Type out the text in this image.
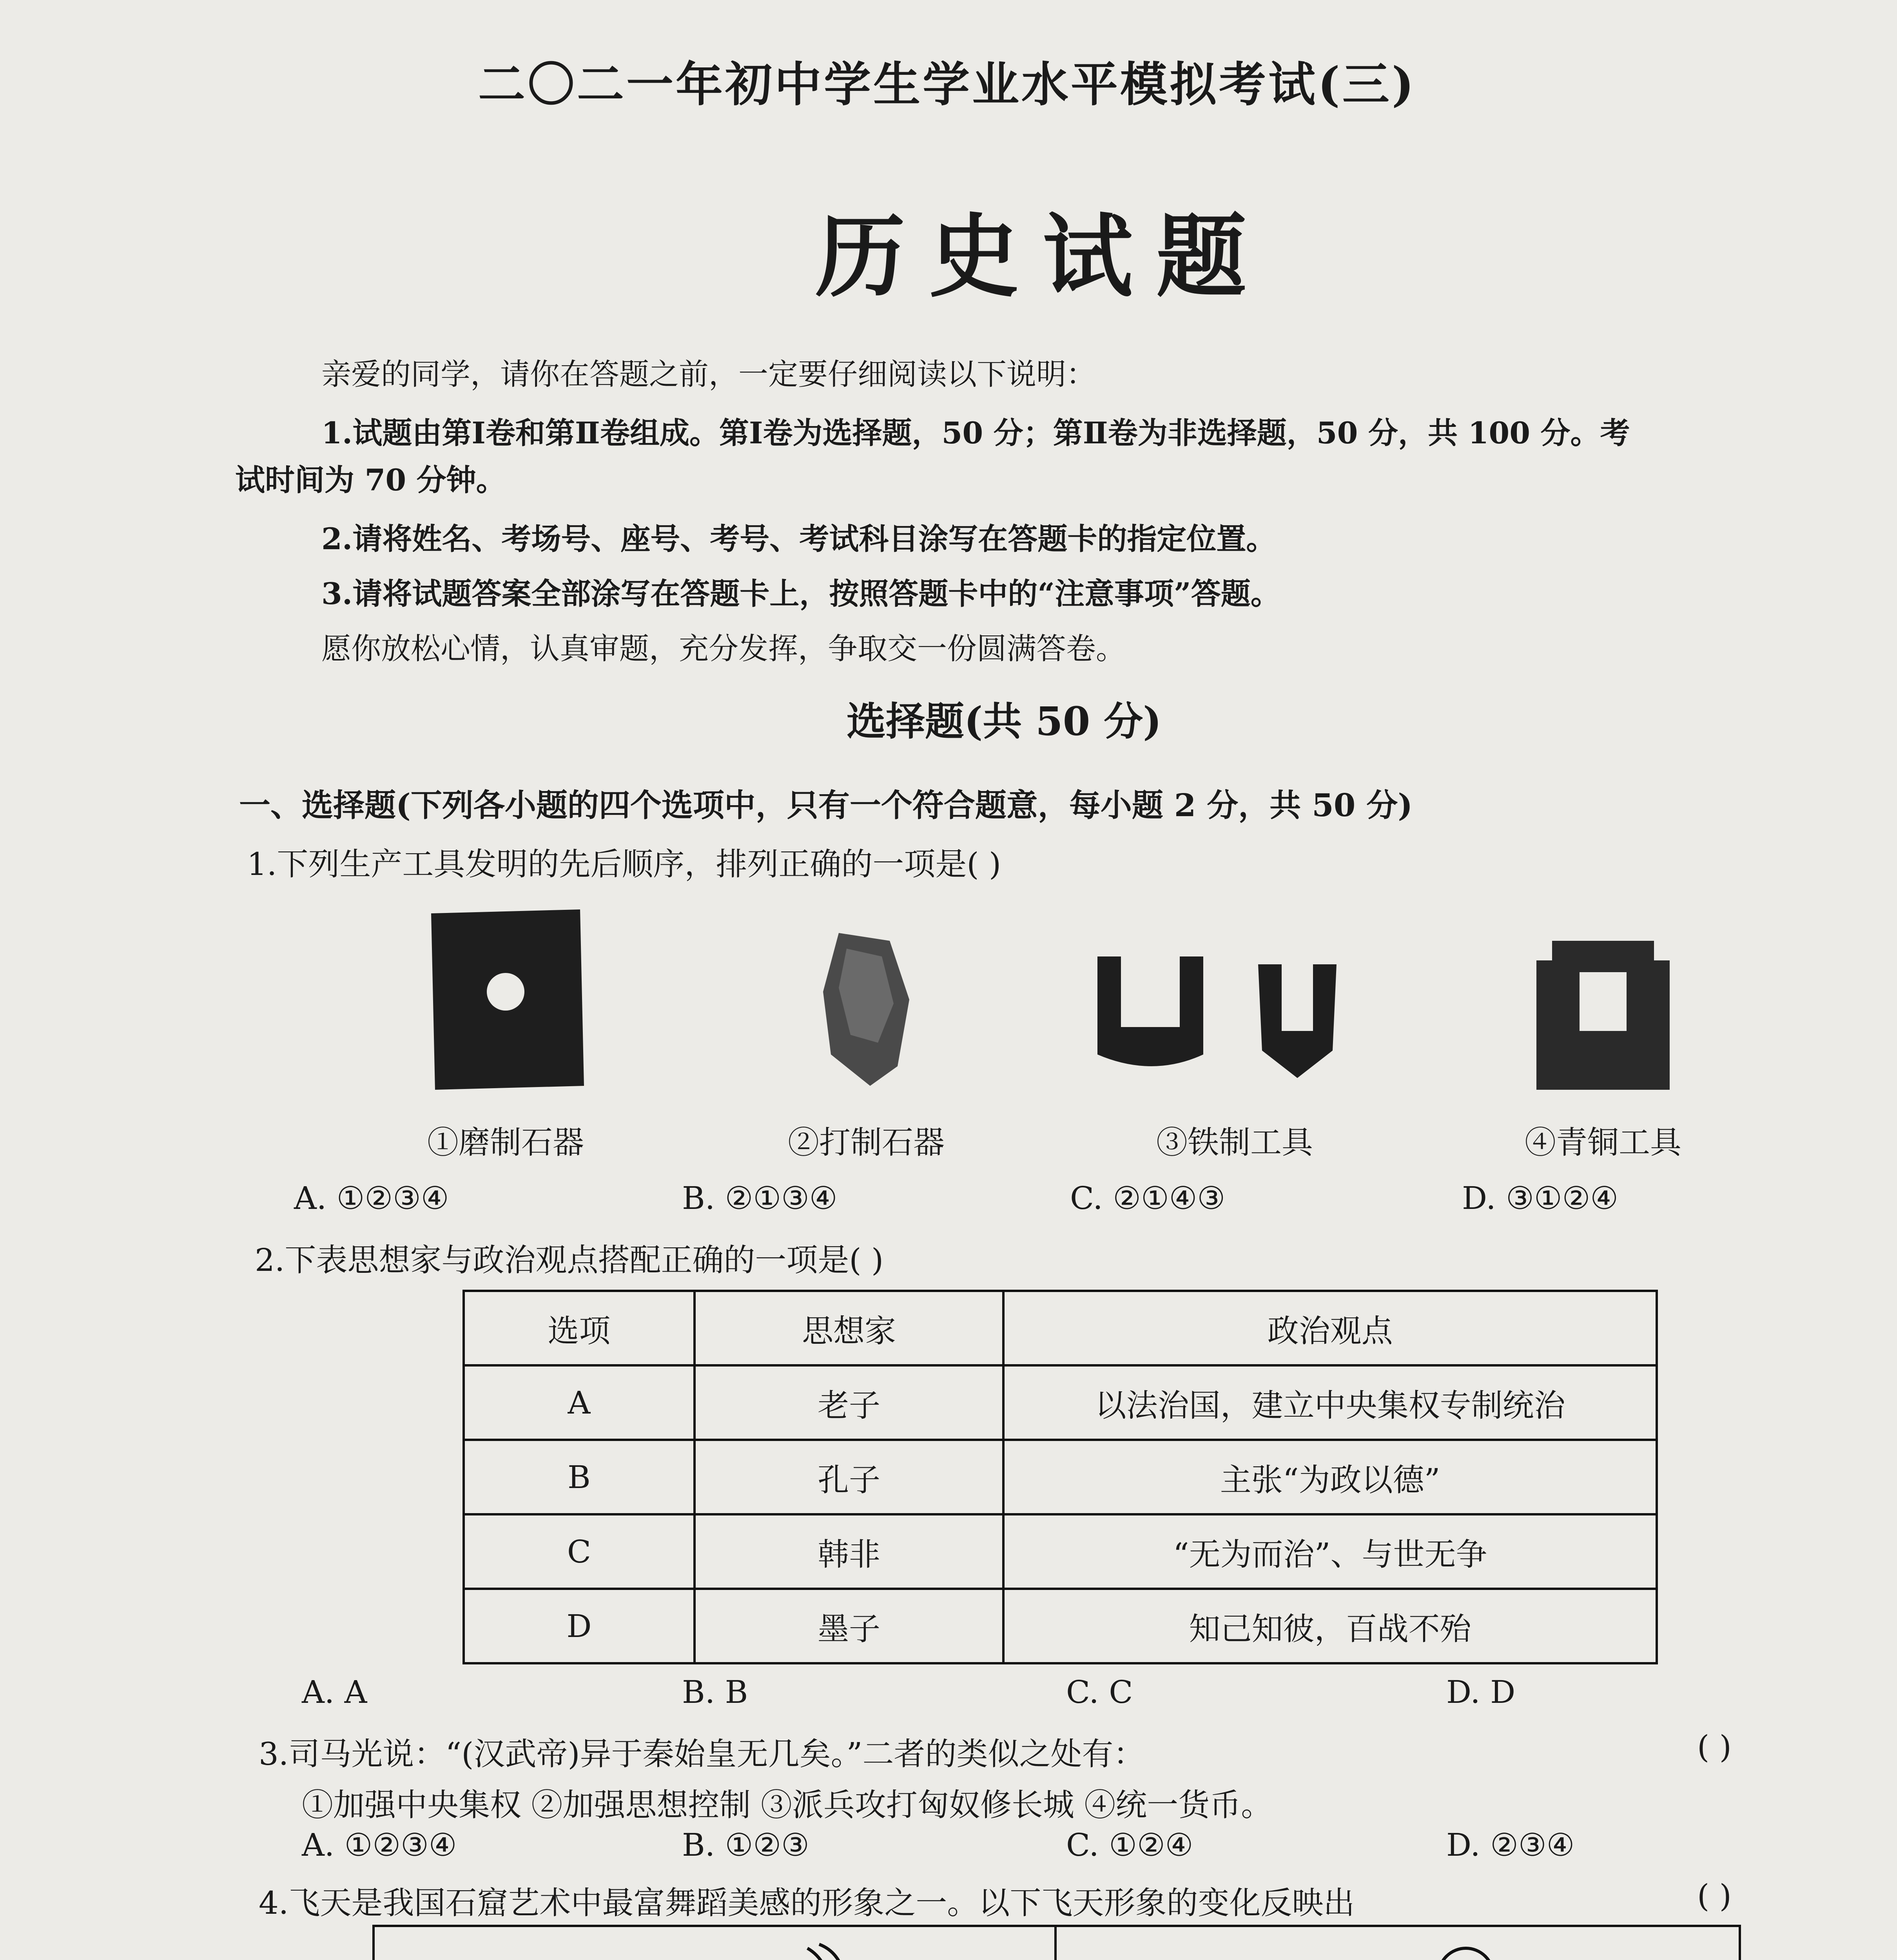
二〇二一年初中学生学业水平模拟考试(三)
历史试题
亲爱的同学，请你在答题之前，一定要仔细阅读以下说明：
1.试题由第Ⅰ卷和第Ⅱ卷组成。第Ⅰ卷为选择题，50 分；第Ⅱ卷为非选择题，50 分，共 100 分。考
试时间为 70 分钟。
2.请将姓名、考场号、座号、考号、考试科目涂写在答题卡的指定位置。
3.请将试题答案全部涂写在答题卡上，按照答题卡中的“注意事项”答题。
愿你放松心情，认真审题，充分发挥，争取交一份圆满答卷。
选择题(共 50 分)
一、选择题(下列各小题的四个选项中，只有一个符合题意，每小题 2 分，共 50 分)
1.下列生产工具发明的先后顺序，排列正确的一项是( )
①磨制石器	②打制石器	③铁制工具	④青铜工具
A. ①②③④	B. ②①③④	C. ②①④③	D. ③①②④
2.下表思想家与政治观点搭配正确的一项是( )
选项	思想家	政治观点
A	老子	以法治国，建立中央集权专制统治
B	孔子	主张“为政以德”
C	韩非	“无为而治”、与世无争
D	墨子	知己知彼，百战不殆
A. A	B. B	C. C	D. D
3.司马光说：“(汉武帝)异于秦始皇无几矣。”二者的类似之处有：	( )
①加强中央集权 ②加强思想控制 ③派兵攻打匈奴修长城 ④统一货币。
A. ①②③④	B. ①②③	C. ①②④	D. ②③④
4.飞天是我国石窟艺术中最富舞蹈美感的形象之一。以下飞天形象的变化反映出	( )
